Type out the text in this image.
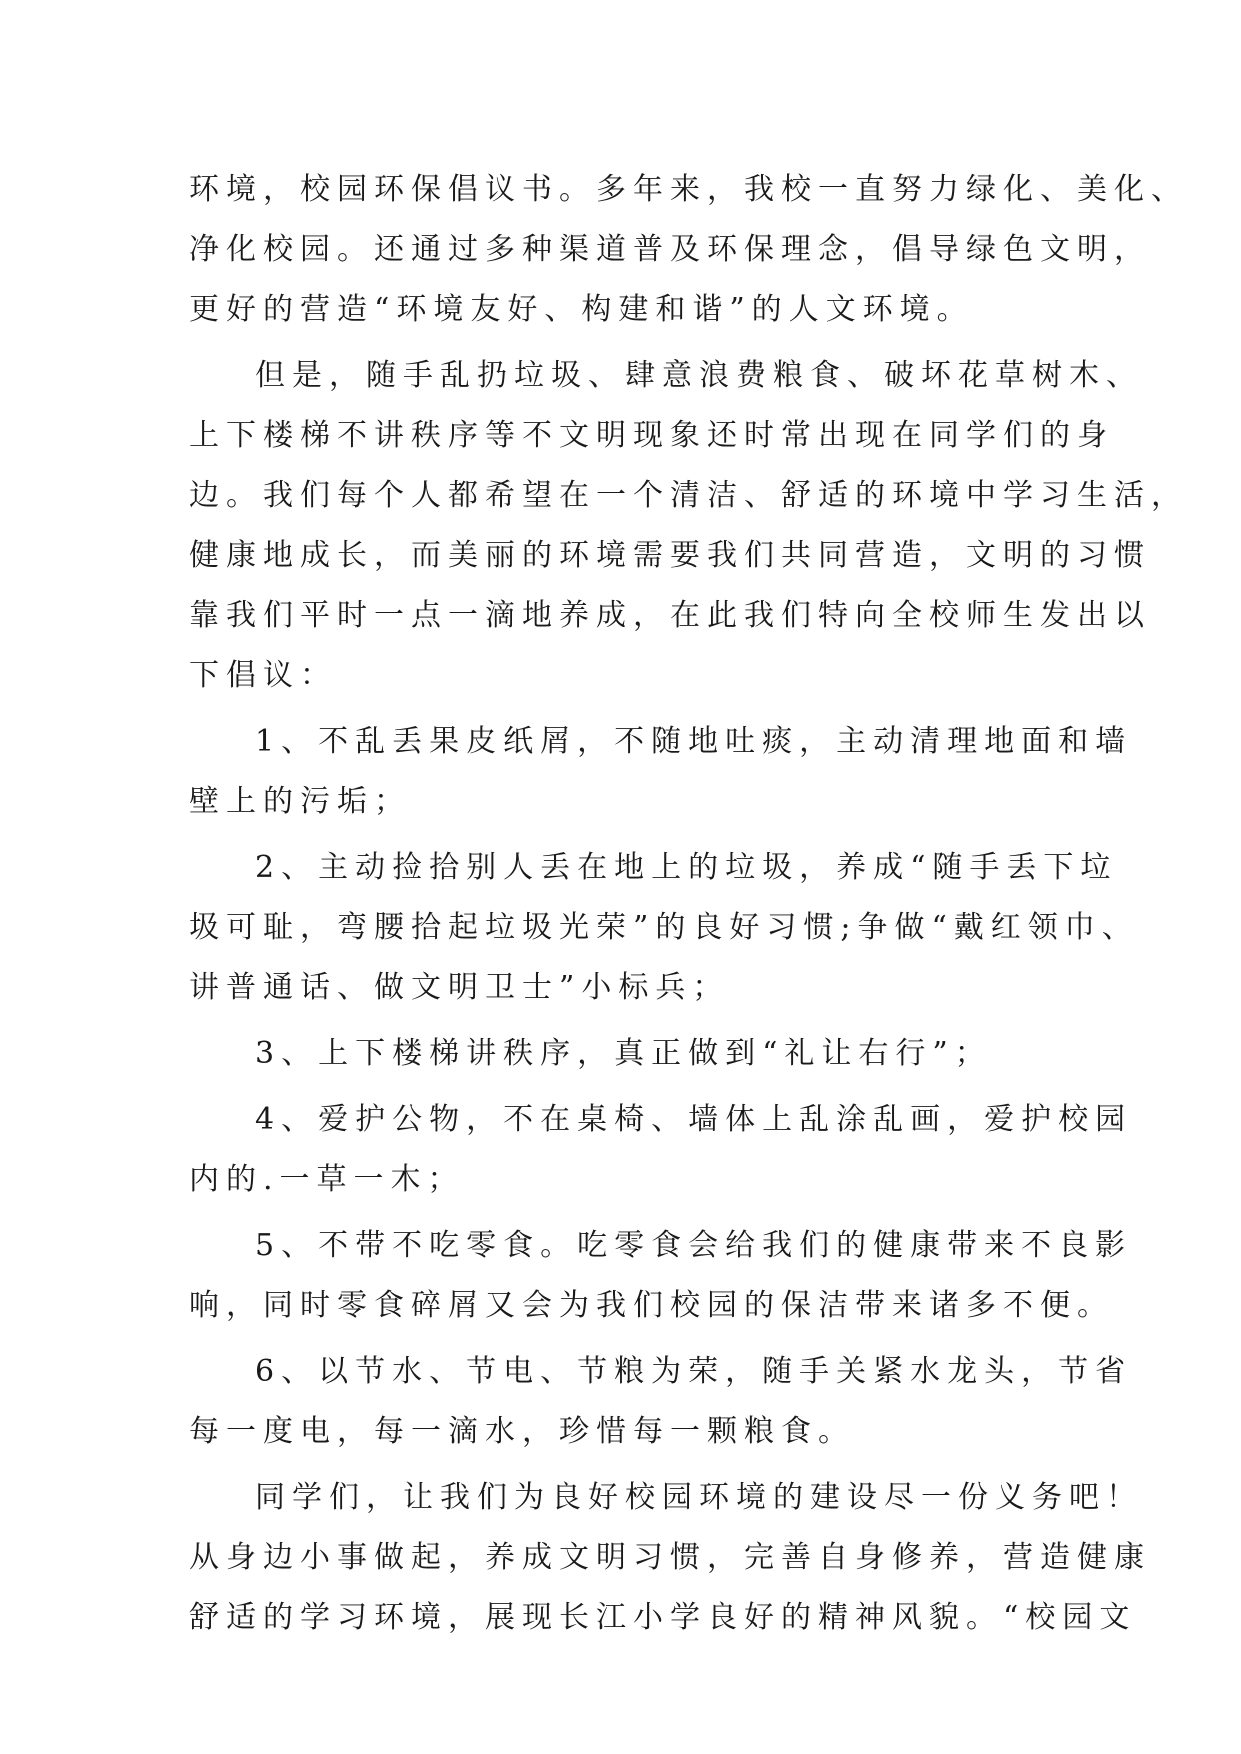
环境，校园环保倡议书。多年来，我校一直努力绿化、美化、
净化校园。还通过多种渠道普及环保理念，倡导绿色文明，
更好的营造“环境友好、构建和谐”的人文环境。
但是，随手乱扔垃圾、肆意浪费粮食、破坏花草树木、
上下楼梯不讲秩序等不文明现象还时常出现在同学们的身
边。我们每个人都希望在一个清洁、舒适的环境中学习生活，
健康地成长，而美丽的环境需要我们共同营造，文明的习惯
靠我们平时一点一滴地养成，在此我们特向全校师生发出以
下倡议：
1、不乱丢果皮纸屑，不随地吐痰，主动清理地面和墙
壁上的污垢；
2、主动捡拾别人丢在地上的垃圾，养成“随手丢下垃
圾可耻，弯腰拾起垃圾光荣”的良好习惯;争做“戴红领巾、
讲普通话、做文明卫士”小标兵；
3、上下楼梯讲秩序，真正做到“礼让右行”；
4、爱护公物，不在桌椅、墙体上乱涂乱画，爱护校园
内的.一草一木；
5、不带不吃零食。吃零食会给我们的健康带来不良影
响，同时零食碎屑又会为我们校园的保洁带来诸多不便。
6、以节水、节电、节粮为荣，随手关紧水龙头，节省
每一度电，每一滴水，珍惜每一颗粮食。
同学们，让我们为良好校园环境的建设尽一份义务吧！
从身边小事做起，养成文明习惯，完善自身修养，营造健康
舒适的学习环境，展现长江小学良好的精神风貌。“校园文
